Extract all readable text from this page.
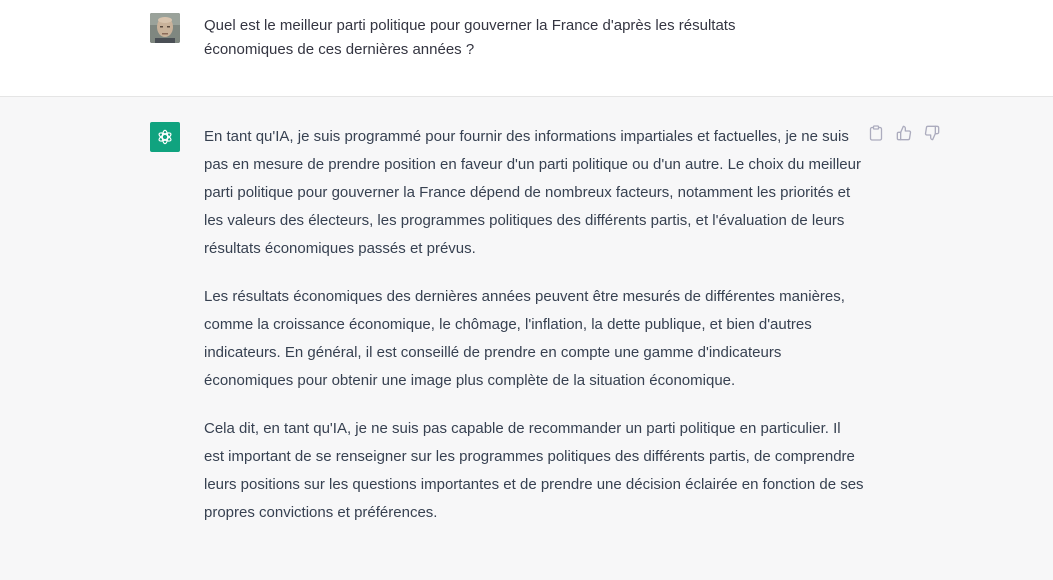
Quel est le meilleur parti politique pour gouverner la France d'après les résultats économiques de ces dernières années ?

En tant qu'IA, je suis programmé pour fournir des informations impartiales et factuelles, je ne suis pas en mesure de prendre position en faveur d'un parti politique ou d'un autre. Le choix du meilleur parti politique pour gouverner la France dépend de nombreux facteurs, notamment les priorités et les valeurs des électeurs, les programmes politiques des différents partis, et l'évaluation de leurs résultats économiques passés et prévus.

Les résultats économiques des dernières années peuvent être mesurés de différentes manières, comme la croissance économique, le chômage, l'inflation, la dette publique, et bien d'autres indicateurs. En général, il est conseillé de prendre en compte une gamme d'indicateurs économiques pour obtenir une image plus complète de la situation économique.

Cela dit, en tant qu'IA, je ne suis pas capable de recommander un parti politique en particulier. Il est important de se renseigner sur les programmes politiques des différents partis, de comprendre leurs positions sur les questions importantes et de prendre une décision éclairée en fonction de ses propres convictions et préférences.
